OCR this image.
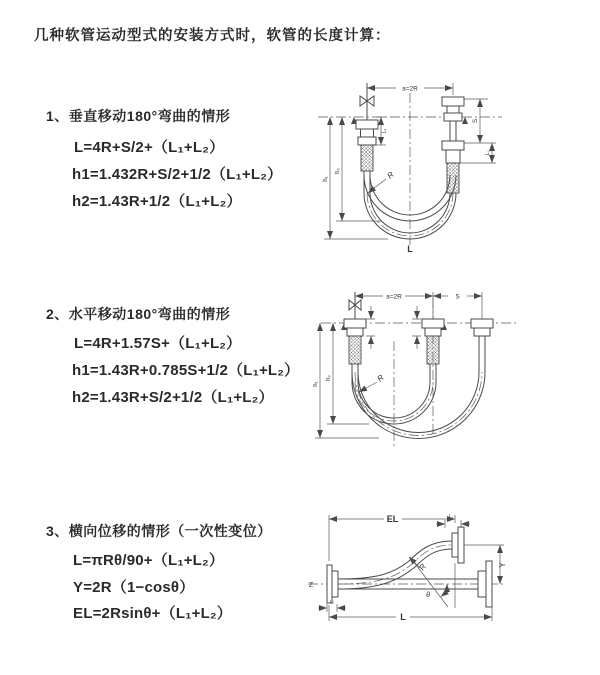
几种软管运动型式的安装方式时，软管的长度计算：
1、垂直移动180°弯曲的情形
L=4R+S/2+（L₁+L₂）
h1=1.432R+S/2+1/2（L₁+L₂）
h2=1.43R+1/2（L₁+L₂）
2、水平移动180°弯曲的情形
L=4R+1.57S+（L₁+L₂）
h1=1.43R+0.785S+1/2（L₁+L₂）
h2=1.43R+S/2+1/2（L₁+L₂）
3、横向位移的情形（一次性变位）
L=πRθ/90+（L₁+L₂）
Y=2R（1−cosθ）
EL=2Rsinθ+（L₁+L₂）
a=2R
S
L₁
L₂
h₂
h₁	R
L
a=2R	S
h₁
h₂	R
Z
EL	L₁
Y
L
L₂
R
θ
